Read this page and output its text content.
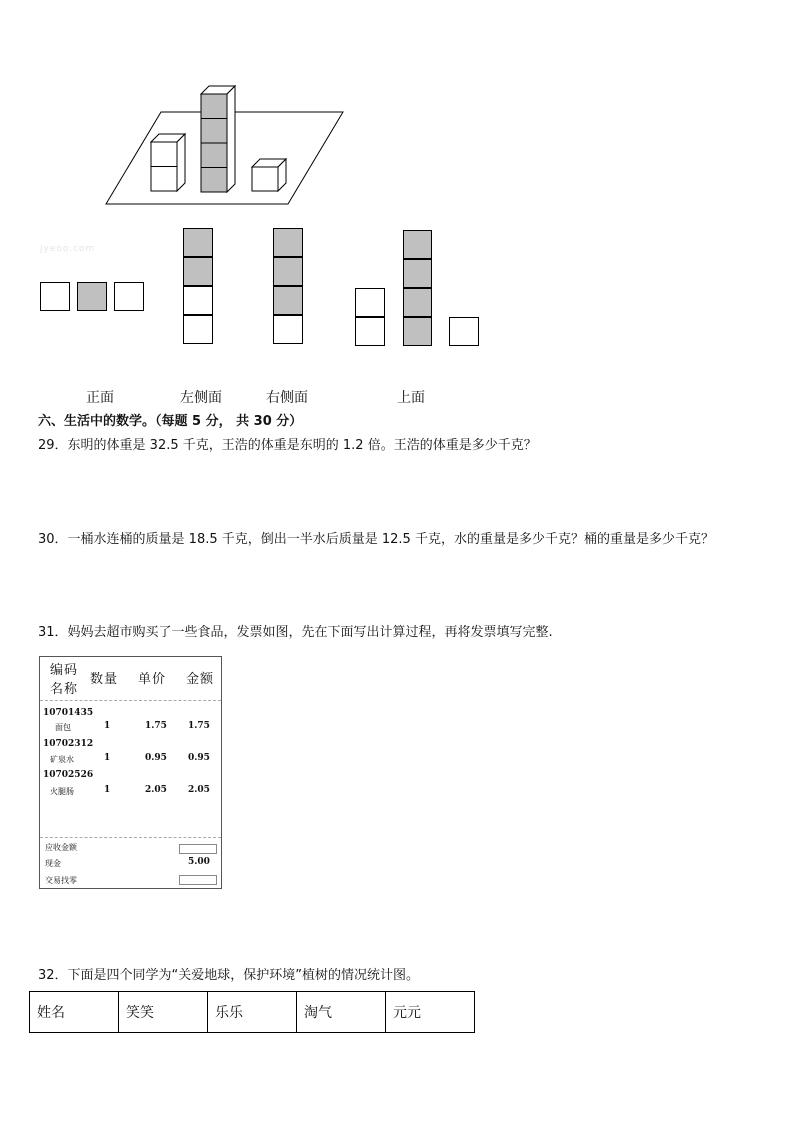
jyeoo.com
正面	左侧面	右侧面	上面
六、生活中的数学。（每题 5 分， 共 30 分）
29．东明的体重是 32.5 千克，王浩的体重是东明的 1.2 倍。王浩的体重是多少千克？
30．一桶水连桶的质量是 18.5 千克，倒出一半水后质量是 12.5 千克，水的重量是多少千克？桶的重量是多少千克？
31．妈妈去超市购买了一些食品，发票如图，先在下面写出计算过程，再将发票填写完整.
编码
名称
数量 单价 金额
10701435
面包	1	1.75 1.75
10702312
矿泉水	1	0.95 0.95
10702526
火腿肠	1	2.05 2.05
应收金额
现金	5.00
交易找零
32．下面是四个同学为“关爱地球，保护环境”植树的情况统计图。
姓名	笑笑	乐乐	淘气	元元
